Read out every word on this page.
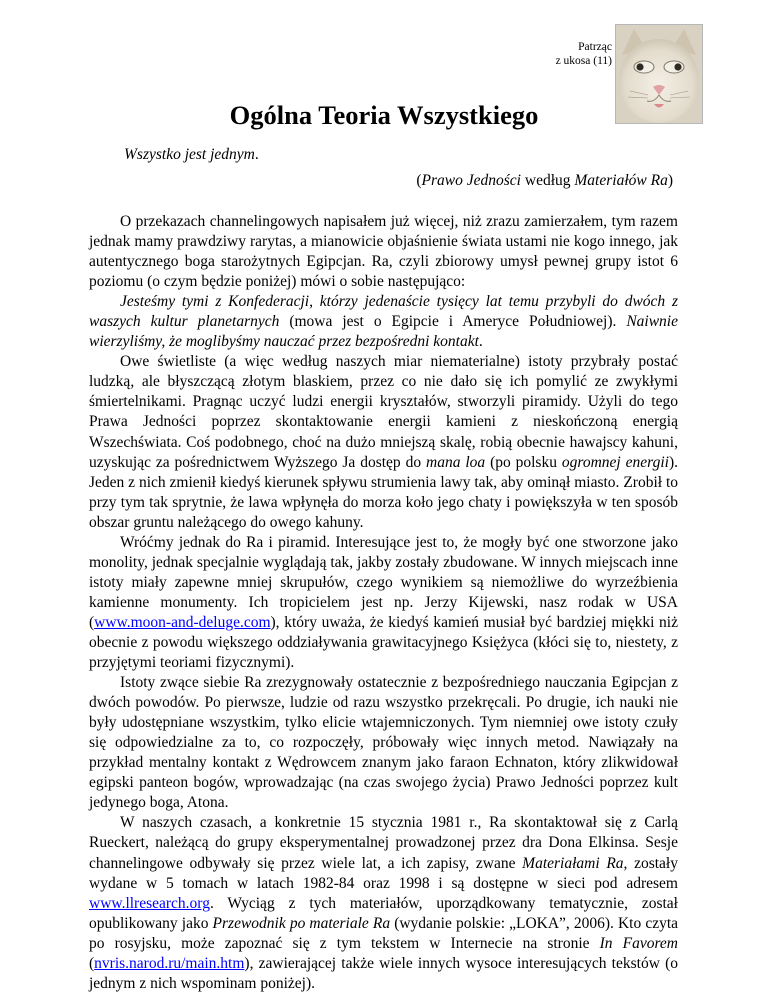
Patrząc
z ukosa (11)
Ogólna Teoria Wszystkiego
Wszystko jest jednym.
(Prawo Jedności według Materiałów Ra)

O przekazach channelingowych napisałem już więcej, niż zrazu zamierzałem, tym razem jednak mamy prawdziwy rarytas, a mianowicie objaśnienie świata ustami nie kogo innego, jak autentycznego boga starożytnych Egipcjan. Ra, czyli zbiorowy umysł pewnej grupy istot 6 poziomu (o czym będzie poniżej) mówi o sobie następująco:

Jesteśmy tymi z Konfederacji, którzy jedenaście tysięcy lat temu przybyli do dwóch z waszych kultur planetarnych (mowa jest o Egipcie i Ameryce Południowej). Naiwnie wierzyliśmy, że moglibyśmy nauczać przez bezpośredni kontakt.

Owe świetliste (a więc według naszych miar niematerialne) istoty przybrały postać ludzką, ale błyszczącą złotym blaskiem, przez co nie dało się ich pomylić ze zwykłymi śmiertelnikami. Pragnąc uczyć ludzi energii kryształów, stworzyli piramidy. Użyli do tego Prawa Jedności poprzez skontaktowanie energii kamieni z nieskończoną energią Wszechświata. Coś podobnego, choć na dużo mniejszą skalę, robią obecnie hawajscy kahuni, uzyskując za pośrednictwem Wyższego Ja dostęp do mana loa (po polsku ogromnej energii). Jeden z nich zmienił kiedyś kierunek spływu strumienia lawy tak, aby ominął miasto. Zrobił to przy tym tak sprytnie, że lawa wpłynęła do morza koło jego chaty i powiększyła w ten sposób obszar gruntu należącego do owego kahuny.

Wróćmy jednak do Ra i piramid. Interesujące jest to, że mogły być one stworzone jako monolity, jednak specjalnie wyglądają tak, jakby zostały zbudowane. W innych miejscach inne istoty miały zapewne mniej skrupułów, czego wynikiem są niemożliwe do wyrzeźbienia kamienne monumenty. Ich tropicielem jest np. Jerzy Kijewski, nasz rodak w USA (www.moon-and-deluge.com), który uważa, że kiedyś kamień musiał być bardziej miękki niż obecnie z powodu większego oddziaływania grawitacyjnego Księżyca (kłóci się to, niestety, z przyjętymi teoriami fizycznymi).

Istoty zwące siebie Ra zrezygnowały ostatecznie z bezpośredniego nauczania Egipcjan z dwóch powodów. Po pierwsze, ludzie od razu wszystko przekręcali. Po drugie, ich nauki nie były udostępniane wszystkim, tylko elicie wtajemniczonych. Tym niemniej owe istoty czuły się odpowiedzialne za to, co rozpoczęły, próbowały więc innych metod. Nawiązały na przykład mentalny kontakt z Wędrowcem znanym jako faraon Echnaton, który zlikwidował egipski panteon bogów, wprowadzając (na czas swojego życia) Prawo Jedności poprzez kult jedynego boga, Atona.

W naszych czasach, a konkretnie 15 stycznia 1981 r., Ra skontaktował się z Carlą Rueckert, należącą do grupy eksperymentalnej prowadzonej przez dra Dona Elkinsa. Sesje channelingowe odbywały się przez wiele lat, a ich zapisy, zwane Materiałami Ra, zostały wydane w 5 tomach w latach 1982-84 oraz 1998 i są dostępne w sieci pod adresem www.llresearch.org. Wyciąg z tych materiałów, uporządkowany tematycznie, został opublikowany jako Przewodnik po materiale Ra (wydanie polskie: „LOKA”, 2006). Kto czyta po rosyjsku, może zapoznać się z tym tekstem w Internecie na stronie In Favorem (nvris.narod.ru/main.htm), zawierającej także wiele innych wysoce interesujących tekstów (o jednym z nich wspominam poniżej).
